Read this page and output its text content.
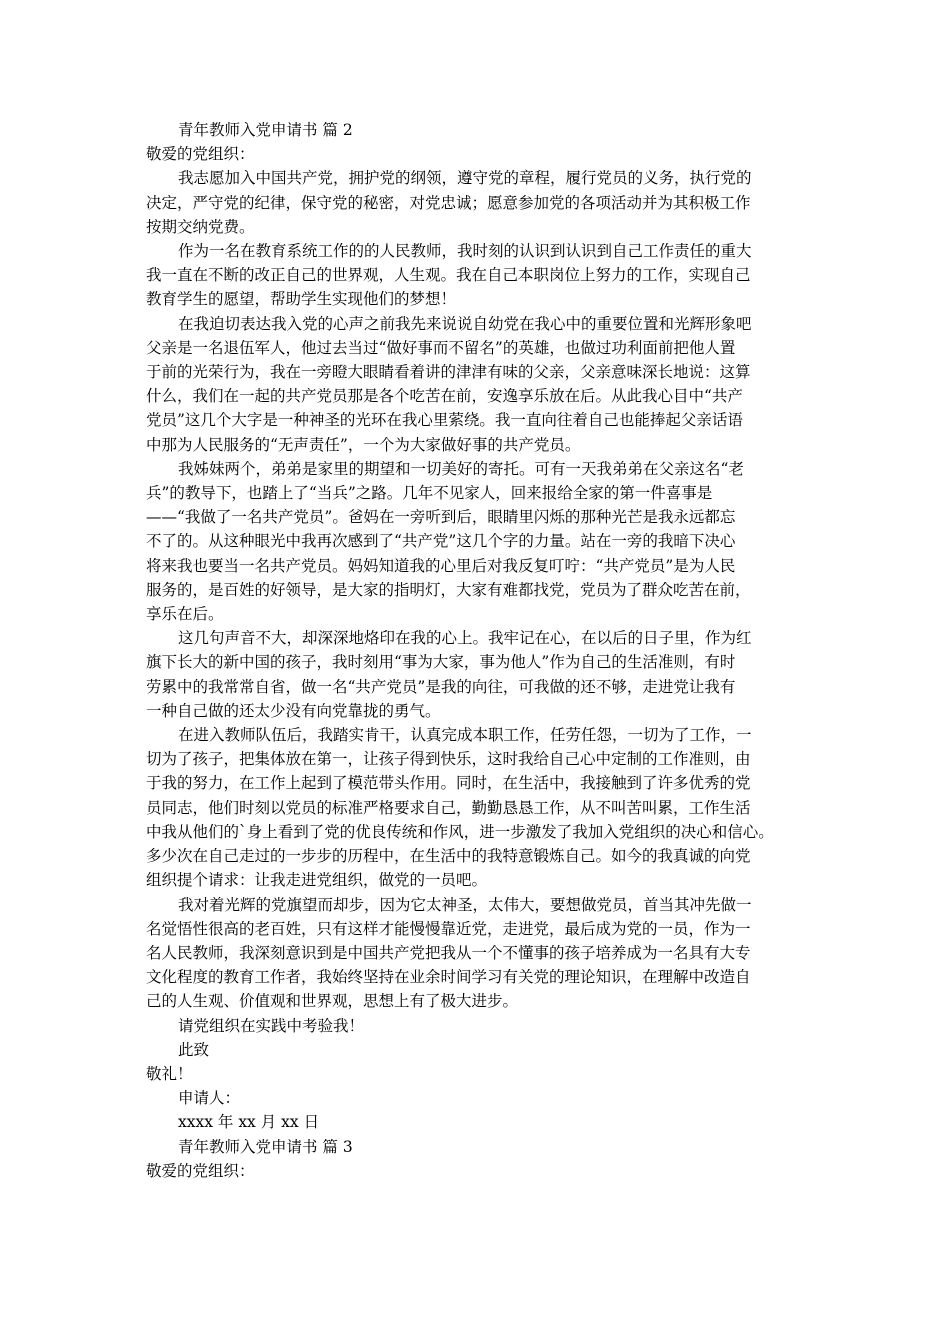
青年教师入党申请书 篇 2
敬爱的党组织：
我志愿加入中国共产党，拥护党的纲领，遵守党的章程，履行党员的义务，执行党的
决定，严守党的纪律，保守党的秘密，对党忠诚；愿意参加党的各项活动并为其积极工作
按期交纳党费。
作为一名在教育系统工作的的人民教师，我时刻的认识到认识到自己工作责任的重大
我一直在不断的改正自己的世界观，人生观。我在自己本职岗位上努力的工作，实现自己
教育学生的愿望，帮助学生实现他们的梦想！
在我迫切表达我入党的心声之前我先来说说自幼党在我心中的重要位置和光辉形象吧
父亲是一名退伍军人，他过去当过“做好事而不留名”的英雄，也做过功利面前把他人置
于前的光荣行为，我在一旁瞪大眼睛看着讲的津津有味的父亲，父亲意味深长地说：这算
什么，我们在一起的共产党员那是各个吃苦在前，安逸享乐放在后。从此我心目中“共产
党员”这几个大字是一种神圣的光环在我心里萦绕。我一直向往着自己也能捧起父亲话语
中那为人民服务的“无声责任”，一个为大家做好事的共产党员。
我姊妹两个，弟弟是家里的期望和一切美好的寄托。可有一天我弟弟在父亲这名“老
兵”的教导下，也踏上了“当兵”之路。几年不见家人，回来报给全家的第一件喜事是
——“我做了一名共产党员”。爸妈在一旁听到后，眼睛里闪烁的那种光芒是我永远都忘
不了的。从这种眼光中我再次感到了“共产党”这几个字的力量。站在一旁的我暗下决心
将来我也要当一名共产党员。妈妈知道我的心里后对我反复叮咛：“共产党员”是为人民
服务的，是百姓的好领导，是大家的指明灯，大家有难都找党，党员为了群众吃苦在前，
享乐在后。
这几句声音不大，却深深地烙印在我的心上。我牢记在心，在以后的日子里，作为红
旗下长大的新中国的孩子，我时刻用“事为大家，事为他人”作为自己的生活准则，有时
劳累中的我常常自省，做一名“共产党员”是我的向往，可我做的还不够，走进党让我有
一种自己做的还太少没有向党靠拢的勇气。
在进入教师队伍后，我踏实肯干，认真完成本职工作，任劳任怨，一切为了工作，一
切为了孩子，把集体放在第一，让孩子得到快乐，这时我给自己心中定制的工作准则，由
于我的努力，在工作上起到了模范带头作用。同时，在生活中，我接触到了许多优秀的党
员同志，他们时刻以党员的标准严格要求自己，勤勤恳恳工作，从不叫苦叫累，工作生活
中我从他们的`身上看到了党的优良传统和作风，进一步激发了我加入党组织的决心和信心。
多少次在自己走过的一步步的历程中，在生活中的我特意锻炼自己。如今的我真诚的向党
组织提个请求：让我走进党组织，做党的一员吧。
我对着光辉的党旗望而却步，因为它太神圣，太伟大，要想做党员，首当其冲先做一
名觉悟性很高的老百姓，只有这样才能慢慢靠近党，走进党，最后成为党的一员，作为一
名人民教师，我深刻意识到是中国共产党把我从一个不懂事的孩子培养成为一名具有大专
文化程度的教育工作者，我始终坚持在业余时间学习有关党的理论知识，在理解中改造自
己的人生观、价值观和世界观，思想上有了极大进步。
请党组织在实践中考验我！
此致
敬礼！
申请人：
xxxx 年 xx 月 xx 日
青年教师入党申请书 篇 3
敬爱的党组织：
